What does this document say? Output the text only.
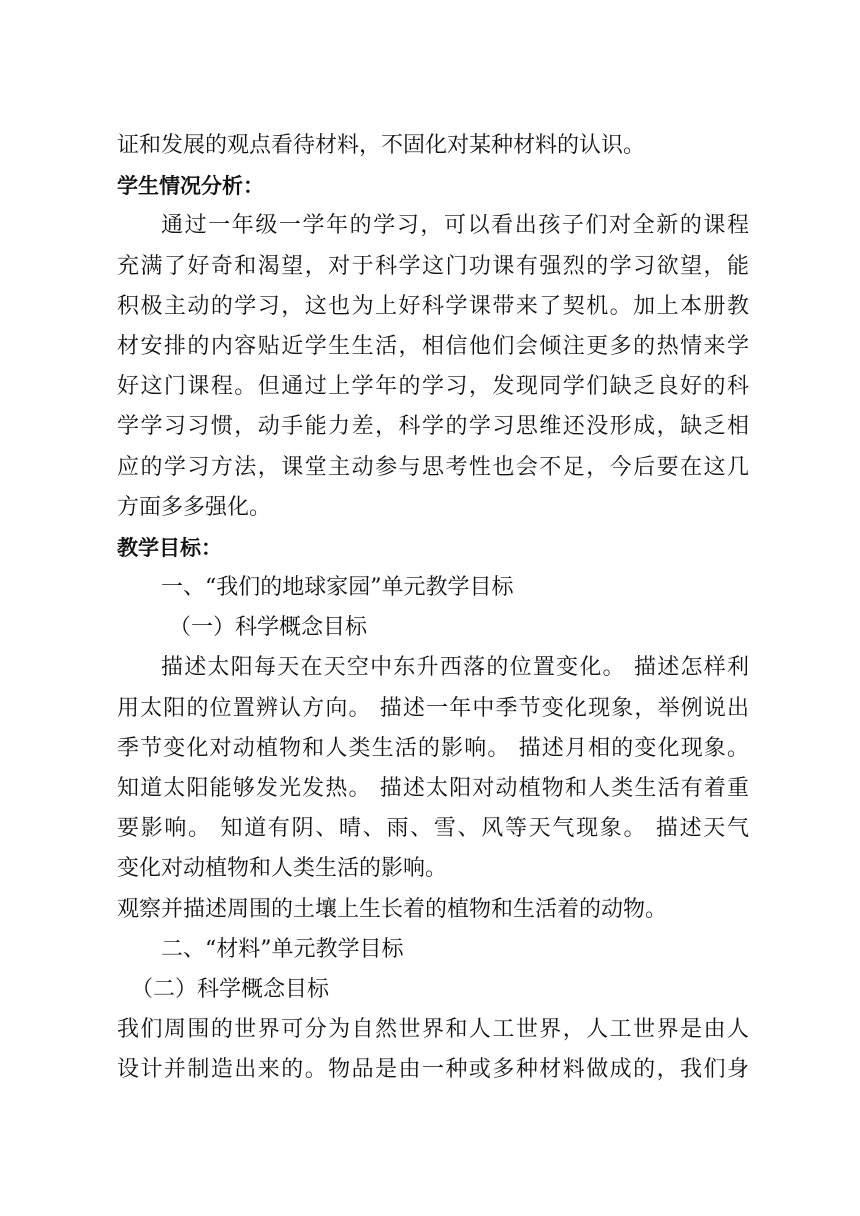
证和发展的观点看待材料，不固化对某种材料的认识。
学生情况分析：
通过一年级一学年的学习，可以看出孩子们对全新的课程
充满了好奇和渴望，对于科学这门功课有强烈的学习欲望，能
积极主动的学习，这也为上好科学课带来了契机。加上本册教
材安排的内容贴近学生生活，相信他们会倾注更多的热情来学
好这门课程。但通过上学年的学习，发现同学们缺乏良好的科
学学习习惯，动手能力差，科学的学习思维还没形成，缺乏相
应的学习方法，课堂主动参与思考性也会不足，今后要在这几
方面多多强化。
教学目标：
一、“我们的地球家园”单元教学目标
（一）科学概念目标
描述太阳每天在天空中东升西落的位置变化。 描述怎样利
用太阳的位置辨认方向。 描述一年中季节变化现象，举例说出
季节变化对动植物和人类生活的影响。 描述月相的变化现象。
知道太阳能够发光发热。 描述太阳对动植物和人类生活有着重
要影响。 知道有阴、晴、雨、雪、风等天气现象。 描述天气
变化对动植物和人类生活的影响。
观察并描述周围的土壤上生长着的植物和生活着的动物。
二、“材料”单元教学目标
（二）科学概念目标
我们周围的世界可分为自然世界和人工世界，人工世界是由人
设计并制造出来的。物品是由一种或多种材料做成的，我们身
